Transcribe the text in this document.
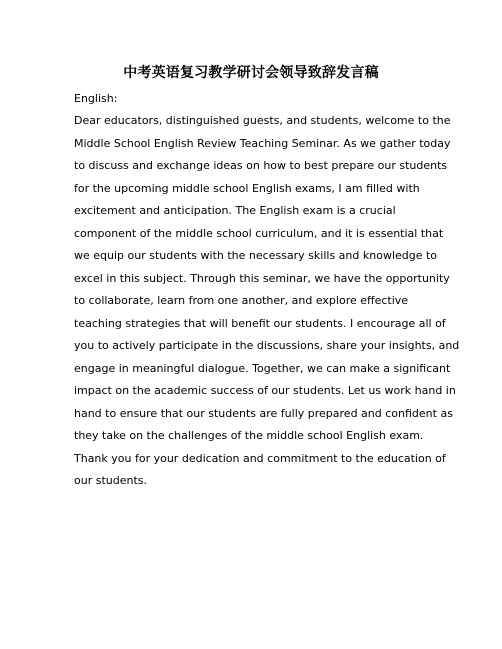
中考英语复习教学研讨会领导致辞发言稿

English:

Dear educators, distinguished guests, and students, welcome to the
Middle School English Review Teaching Seminar. As we gather today
to discuss and exchange ideas on how to best prepare our students
for the upcoming middle school English exams, I am filled with
excitement and anticipation. The English exam is a crucial
component of the middle school curriculum, and it is essential that
we equip our students with the necessary skills and knowledge to
excel in this subject. Through this seminar, we have the opportunity
to collaborate, learn from one another, and explore effective
teaching strategies that will benefit our students. I encourage all of
you to actively participate in the discussions, share your insights, and
engage in meaningful dialogue. Together, we can make a significant
impact on the academic success of our students. Let us work hand in
hand to ensure that our students are fully prepared and confident as
they take on the challenges of the middle school English exam.
Thank you for your dedication and commitment to the education of
our students.
